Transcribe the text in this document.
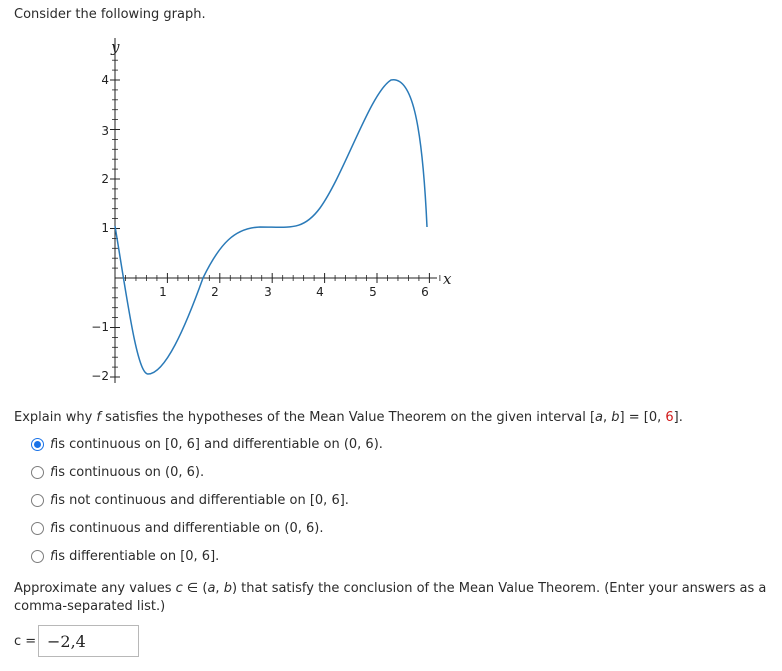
Consider the following graph.
y
x
1	2	3	4	5	6
4
3
2
1
−1
−2
Explain why f satisfies the hypotheses of the Mean Value Theorem on the given interval [a, b] = [0, 6].
f is continuous on [0, 6] and differentiable on (0, 6).
f is continuous on (0, 6).
f is not continuous and differentiable on [0, 6].
f is continuous and differentiable on (0, 6).
f is differentiable on [0, 6].
Approximate any values c ∈ (a, b) that satisfy the conclusion of the Mean Value Theorem. (Enter your answers as a comma-separated list.)
c =
−2,4
